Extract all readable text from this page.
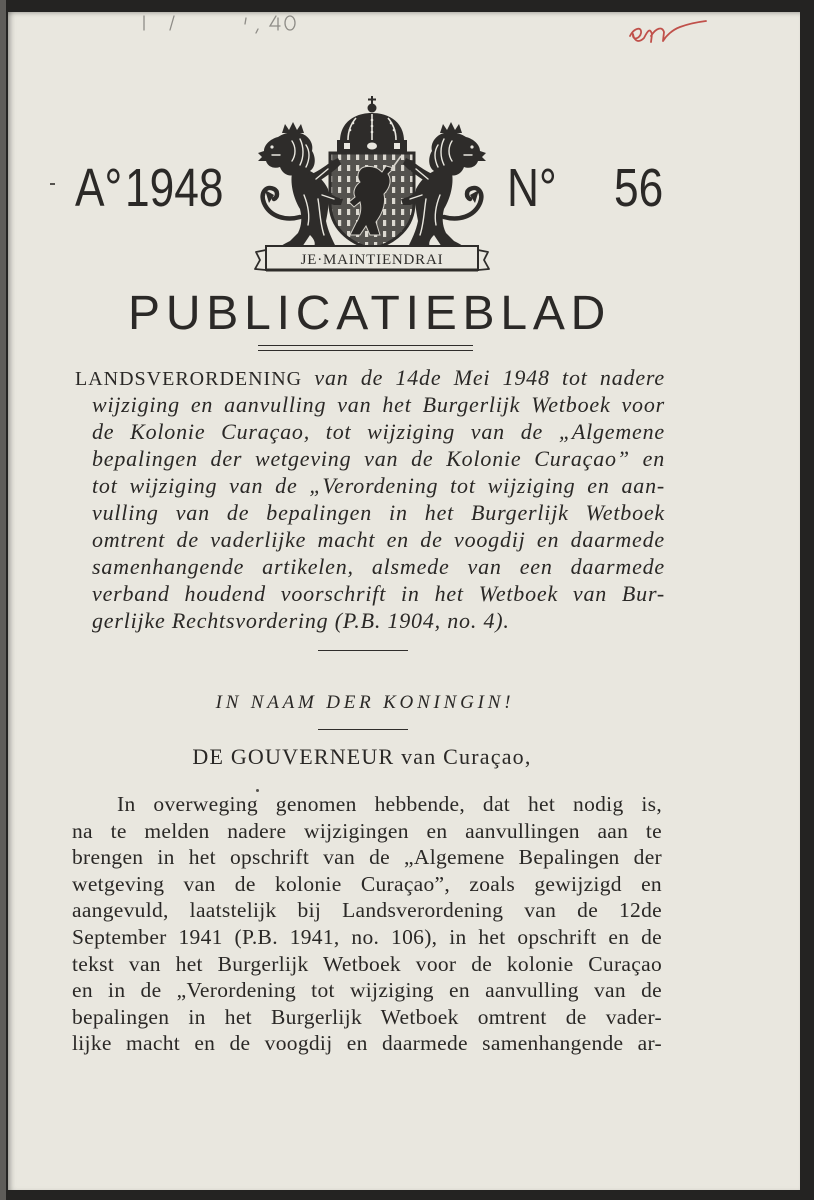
A° 1948	N° 56
JE·MAINTIENDRAI
PUBLICATIEBLAD
LANDSVERORDENING van de 14de Mei 1948 tot nadere
wijziging en aanvulling van het Burgerlijk Wetboek voor
de Kolonie Curaçao, tot wijziging van de „Algemene
bepalingen der wetgeving van de Kolonie Curaçao” en
tot wijziging van de „Verordening tot wijziging en aan-
vulling van de bepalingen in het Burgerlijk Wetboek
omtrent de vaderlijke macht en de voogdij en daarmede
samenhangende artikelen, alsmede van een daarmede
verband houdend voorschrift in het Wetboek van Bur-
gerlijke Rechtsvordering (P.B. 1904, no. 4).
IN NAAM DER KONINGIN!
DE GOUVERNEUR van Curaçao,
In overweging genomen hebbende, dat het nodig is,
na te melden nadere wijzigingen en aanvullingen aan te
brengen in het opschrift van de „Algemene Bepalingen der
wetgeving van de kolonie Curaçao”, zoals gewijzigd en
aangevuld, laatstelijk bij Landsverordening van de 12de
September 1941 (P.B. 1941, no. 106), in het opschrift en de
tekst van het Burgerlijk Wetboek voor de kolonie Curaçao
en in de „Verordening tot wijziging en aanvulling van de
bepalingen in het Burgerlijk Wetboek omtrent de vader-
lijke macht en de voogdij en daarmede samenhangende ar-
